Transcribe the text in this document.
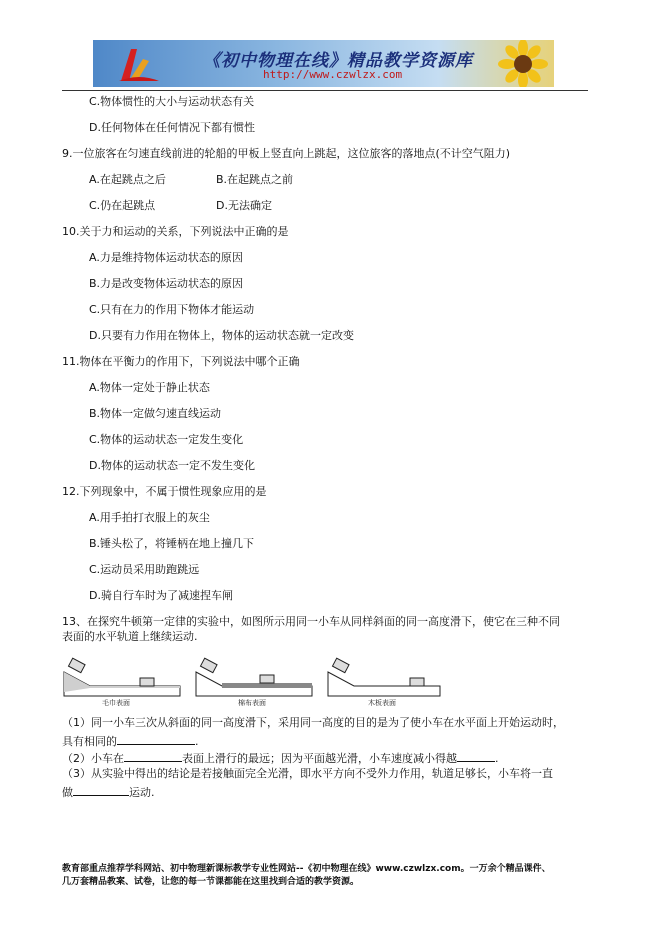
《初中物理在线》精品教学资源库
http://www.czwlzx.com
C.物体惯性的大小与运动状态有关
D.任何物体在任何情况下都有惯性
9.一位旅客在匀速直线前进的轮船的甲板上竖直向上跳起，这位旅客的落地点(不计空气阻力)
A.在起跳点之后	B.在起跳点之前
C.仍在起跳点	D.无法确定
10.关于力和运动的关系，下列说法中正确的是
A.力是维持物体运动状态的原因
B.力是改变物体运动状态的原因
C.只有在力的作用下物体才能运动
D.只要有力作用在物体上，物体的运动状态就一定改变
11.物体在平衡力的作用下，下列说法中哪个正确
A.物体一定处于静止状态
B.物体一定做匀速直线运动
C.物体的运动状态一定发生变化
D.物体的运动状态一定不发生变化
12.下列现象中，不属于惯性现象应用的是
A.用手拍打衣服上的灰尘
B.锤头松了，将锤柄在地上撞几下
C.运动员采用助跑跳远
D.骑自行车时为了减速捏车闸
13、在探究牛顿第一定律的实验中，如图所示用同一小车从同样斜面的同一高度滑下，使它在三种不同
表面的水平轨道上继续运动.
毛巾表面	棉布表面	木板表面
（1）同一小车三次从斜面的同一高度滑下，采用同一高度的目的是为了使小车在水平面上开始运动时，
具有相同的	.
（2）小车在	表面上滑行的最远；因为平面越光滑，小车速度减小得越	.
（3）从实验中得出的结论是若接触面完全光滑，即水平方向不受外力作用，轨道足够长，小车将一直
做	运动.
教育部重点推荐学科网站、初中物理新课标教学专业性网站--《初中物理在线》www.czwlzx.com。一万余个精品课件、
几万套精品教案、试卷，让您的每一节课都能在这里找到合适的教学资源。
